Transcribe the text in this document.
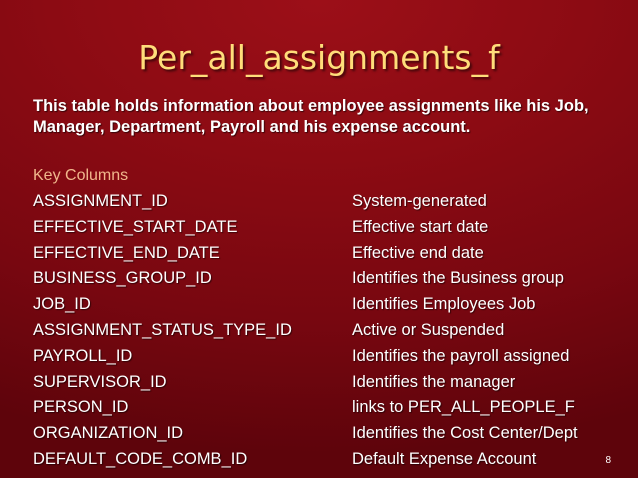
Per_all_assignments_f
This table holds information about employee assignments like his Job, Manager, Department, Payroll and his expense account.
Key Columns
ASSIGNMENT_ID	System-generated
EFFECTIVE_START_DATE	Effective start date
EFFECTIVE_END_DATE	Effective end date
BUSINESS_GROUP_ID	Identifies the Business group
JOB_ID	Identifies Employees Job
ASSIGNMENT_STATUS_TYPE_ID	Active or Suspended
PAYROLL_ID	Identifies the payroll assigned
SUPERVISOR_ID	Identifies the manager
PERSON_ID	links to PER_ALL_PEOPLE_F
ORGANIZATION_ID	Identifies the Cost Center/Dept
DEFAULT_CODE_COMB_ID	Default Expense Account	8
